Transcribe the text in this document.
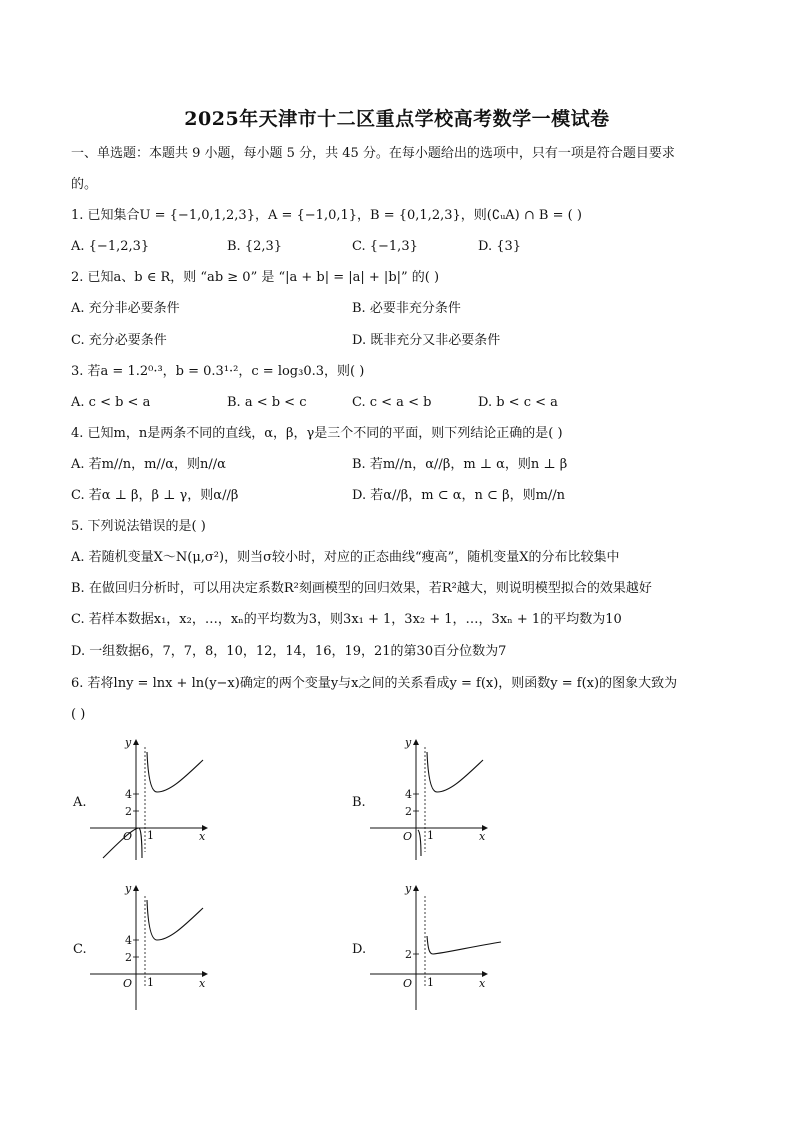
2025年天津市十二区重点学校高考数学一模试卷
一、单选题：本题共 9 小题，每小题 5 分，共 45 分。在每小题给出的选项中，只有一项是符合题目要求
的。
1. 已知集合U = {−1,0,1,2,3}，A = {−1,0,1}，B = {0,1,2,3}，则(∁ᵤA) ∩ B = ( )
A. {−1,2,3}	B. {2,3}	C. {−1,3}	D. {3}
2. 已知a、b ∈ R，则 “ab ≥ 0” 是 “|a + b| = |a| + |b|” 的( )
A. 充分非必要条件	B. 必要非充分条件
C. 充分必要条件	D. 既非充分又非必要条件
3. 若a = 1.2⁰·³，b = 0.3¹·²，c = log₃0.3，则( )
A. c < b < a	B. a < b < c	C. c < a < b	D. b < c < a
4. 已知m，n是两条不同的直线，α，β，γ是三个不同的平面，则下列结论正确的是( )
A. 若m//n，m//α，则n//α	B. 若m//n，α//β，m ⊥ α，则n ⊥ β
C. 若α ⊥ β，β ⊥ γ，则α//β	D. 若α//β，m ⊂ α，n ⊂ β，则m//n
5. 下列说法错误的是( )
A. 若随机变量X～N(μ,σ²)，则当σ较小时，对应的正态曲线“瘦高”，随机变量X的分布比较集中
B. 在做回归分析时，可以用决定系数R²刻画模型的回归效果，若R²越大，则说明模型拟合的效果越好
C. 若样本数据x₁，x₂，…，xₙ的平均数为3，则3x₁ + 1，3x₂ + 1，…，3xₙ + 1的平均数为10
D. 一组数据6，7，7，8，10，12，14，16，19，21的第30百分位数为7
6. 若将lny = lnx + ln(y−x)确定的两个变量y与x之间的关系看成y = f(x)，则函数y = f(x)的图象大致为
( )
A.	B.
C.	D.
4
2
1
O
y
x
4
2
1
O
y
x
4
2
1
O
y
x
2
1
O
y
x
